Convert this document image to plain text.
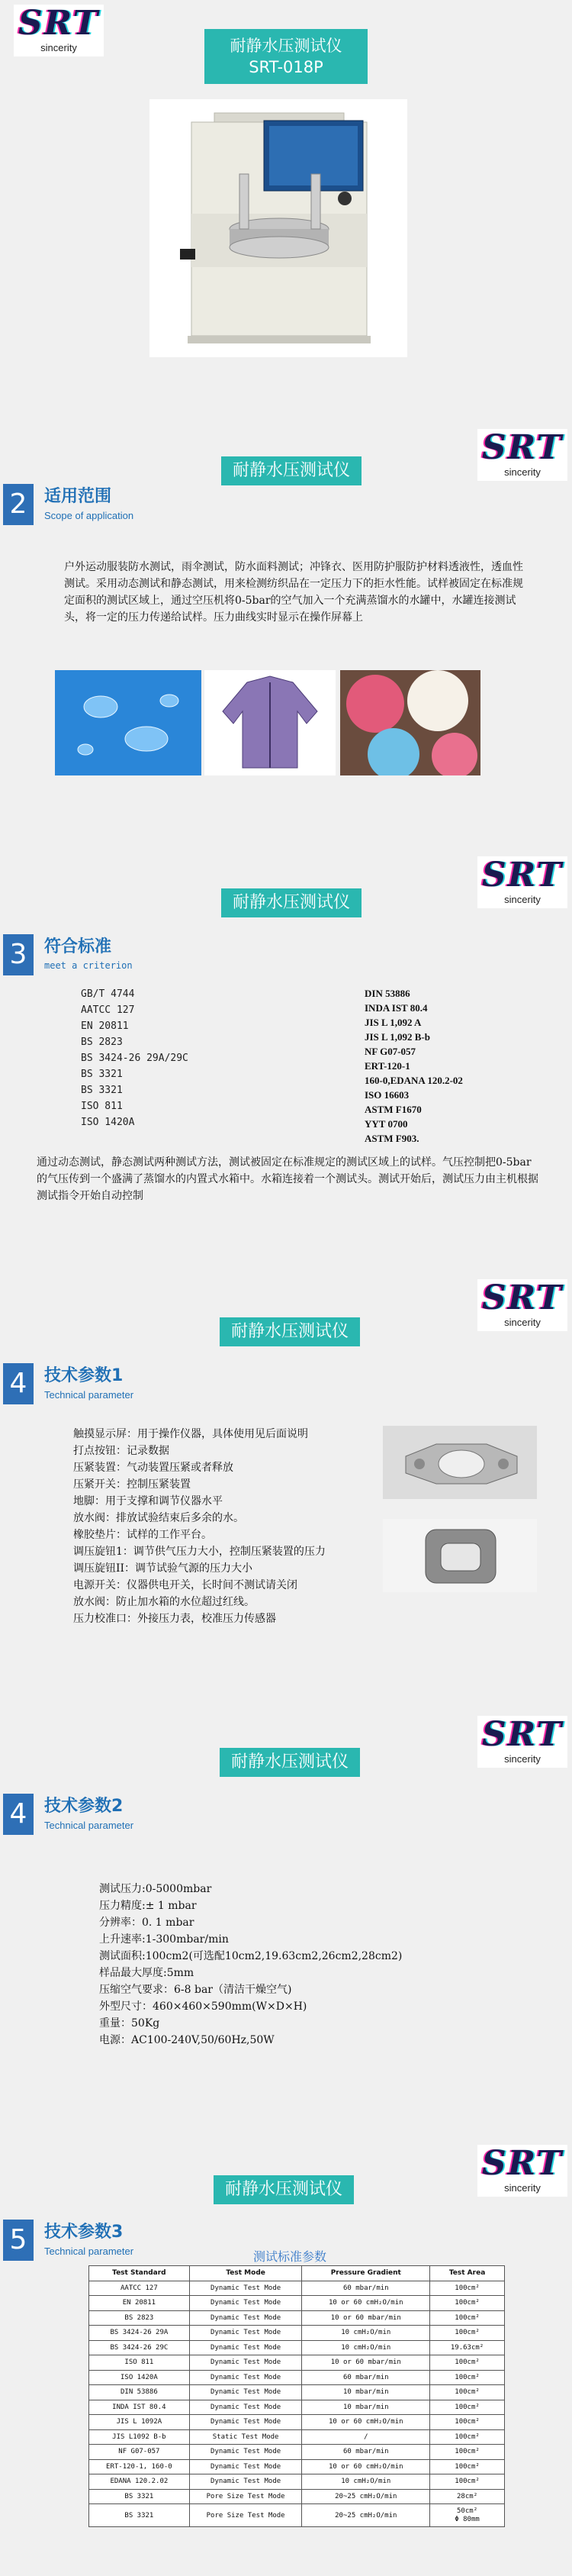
SRT
sincerity	耐静水压测试仪
SRT-018P
SRT
sincerity
耐静水压测试仪
2	适用范围
Scope of application
户外运动服装防水测试，雨伞测试，防水面料测试；冲锋衣、医用防护服防护材料透液性，透血性测试。采用动态测试和静态测试，用来检测纺织品在一定压力下的拒水性能。试样被固定在标准规定面积的测试区域上，通过空压机将0-5bar的空气加入一个充满蒸馏水的水罐中，水罐连接测试头，将一定的压力传递给试样。压力曲线实时显示在操作屏幕上
SRT
sincerity
耐静水压测试仪
3	符合标准
meet a criterion
GB/T 4744
AATCC 127
EN 20811
BS 2823
BS 3424-26 29A/29C
BS 3321
BS 3321
ISO 811
ISO 1420A
DIN 53886
INDA IST 80.4
JIS L 1,092 A
JIS L 1,092 B-b
NF G07-057
ERT-120-1
160-0,EDANA 120.2-02
ISO 16603
ASTM F1670
YYT 0700
ASTM F903.
通过动态测试，静态测试两种测试方法，测试被固定在标准规定的测试区域上的试样。气压控制把0-5bar的气压传到一个盛满了蒸馏水的内置式水箱中。水箱连接着一个测试头。测试开始后，测试压力由主机根据测试指令开始自动控制
SRT
sincerity
耐静水压测试仪
4	技术参数1
Technical parameter
触摸显示屏：用于操作仪器，具体使用见后面说明
打点按钮：记录数据
压紧装置：气动装置压紧或者释放
压紧开关：控制压紧装置
地脚：用于支撑和调节仪器水平
放水阀：排放试验结束后多余的水。
橡胶垫片：试样的工作平台。
调压旋钮1：调节供气压力大小，控制压紧装置的压力
调压旋钮II：调节试验气源的压力大小
电源开关：仪器供电开关，长时间不测试请关闭
放水阀：防止加水箱的水位超过红线。
压力校准口：外接压力表，校准压力传感器
SRT
sincerity
耐静水压测试仪
4	技术参数2
Technical parameter
测试压力:0-5000mbar
压力精度:± 1 mbar
分辨率：0. 1 mbar
上升速率:1-300mbar/min
测试面积:100cm2(可选配10cm2,19.63cm2,26cm2,28cm2)
样品最大厚度:5mm
压缩空气要求：6-8 bar（清洁干燥空气)
外型尺寸：460×460×590mm(W×D×H)
重量：50Kg
电源：AC100-240V,50/60Hz,50W
SRT
sincerity
耐静水压测试仪
5	技术参数3
Technical parameter	测试标准参数
Test Standard	Test Mode	Pressure Gradient	Test Area
AATCC 127	Dynamic Test Mode	60 mbar/min	100cm²
EN 20811	Dynamic Test Mode	10 or 60 cmH₂O/min	100cm²
BS 2823	Dynamic Test Mode	10 or 60 mbar/min	100cm²
BS 3424-26 29A	Dynamic Test Mode	10 cmH₂O/min	100cm²
BS 3424-26 29C	Dynamic Test Mode	10 cmH₂O/min	19.63cm²
ISO 811	Dynamic Test Mode	10 or 60 mbar/min	100cm²
ISO 1420A	Dynamic Test Mode	60 mbar/min	100cm²
DIN 53886	Dynamic Test Mode	10 mbar/min	100cm²
INDA IST 80.4	Dynamic Test Mode	10 mbar/min	100cm²
JIS L 1092A	Dynamic Test Mode	10 or 60 cmH₂O/min	100cm²
JIS L1092 B-b	Static Test Mode	/	100cm²
NF G07-057	Dynamic Test Mode	60 mbar/min	100cm²
ERT-120-1, 160-0	Dynamic Test Mode	10 or 60 cmH₂O/min	100cm²
EDANA 120.2.02	Dynamic Test Mode	10 cmH₂O/min	100cm²
BS 3321	Pore Size Test Mode	20~25 cmH₂O/min	28cm²
BS 3321	Pore Size Test Mode	20~25 cmH₂O/min	50cm²
Φ 80mm
